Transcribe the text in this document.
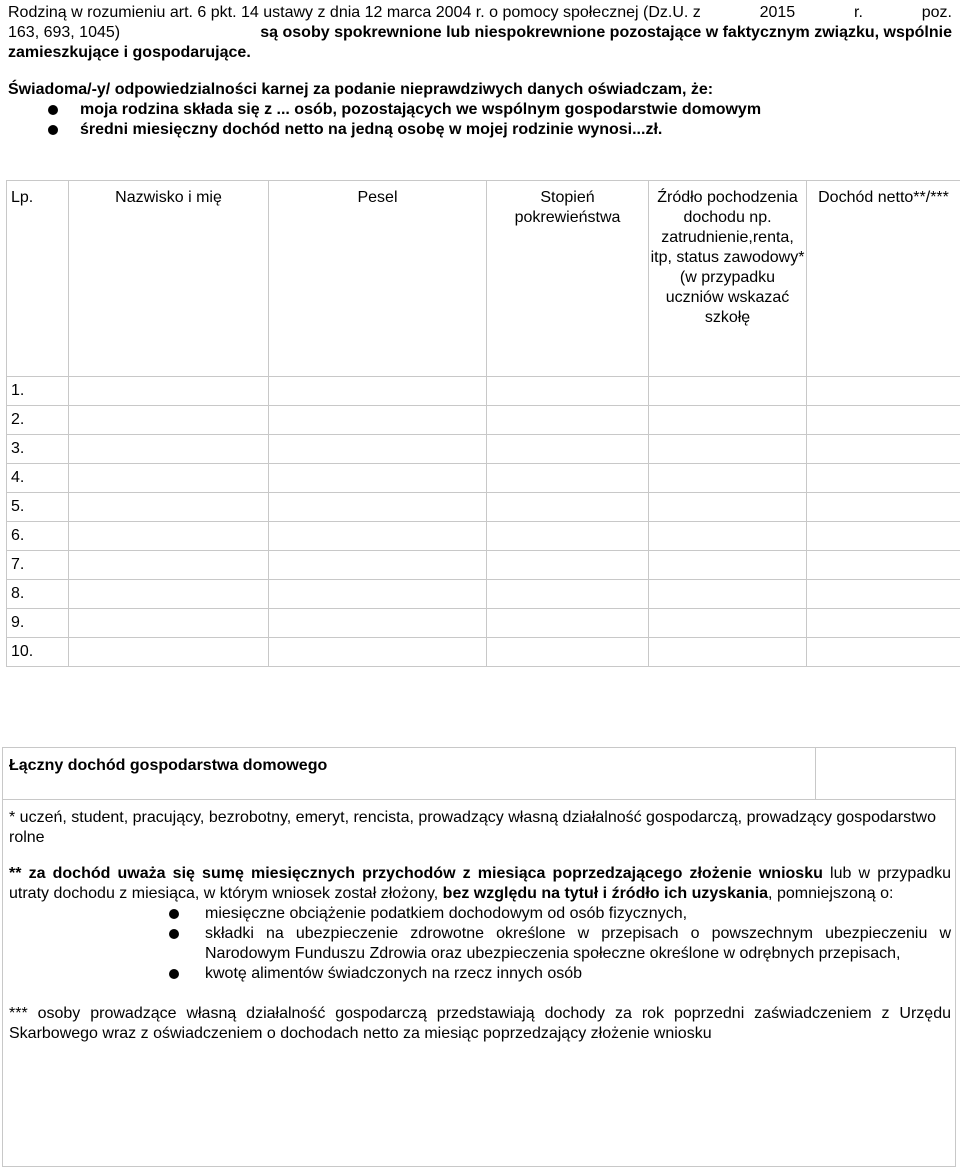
Rodziną w rozumieniu art. 6 pkt. 14 ustawy z dnia 12 marca 2004 r. o pomocy społecznej (Dz.U. z	2015	r.	poz.
163, 693, 1045)	są osoby spokrewnione lub niespokrewnione pozostające w faktycznym związku, wspólnie
zamieszkujące i gospodarujące.
Świadoma/-y/ odpowiedzialności karnej za podanie nieprawdziwych danych oświadczam, że:
moja rodzina składa się z ... osób, pozostających we wspólnym gospodarstwie domowym
średni miesięczny dochód netto na jedną osobę w mojej rodzinie wynosi...zł.
Lp.	Nazwisko i mię	Pesel	Stopień pokrewieństwa	Źródło pochodzenia dochodu np. zatrudnienie,renta, itp, status zawodowy* (w przypadku uczniów wskazać szkołę	Dochód netto**/***
1.					
2.					
3.					
4.					
5.					
6.					
7.					
8.					
9.					
10.					
Łączny dochód gospodarstwa domowego

* uczeń, student, pracujący, bezrobotny, emeryt, rencista, prowadzący własną działalność gospodarczą, prowadzący gospodarstwo rolne

** za dochód uważa się sumę miesięcznych przychodów z miesiąca poprzedzającego złożenie wniosku lub w przypadku utraty dochodu z miesiąca, w którym wniosek został złożony, bez względu na tytuł i źródło ich uzyskania, pomniejszoną o:

miesięczne obciążenie podatkiem dochodowym od osób fizycznych,
składki na ubezpieczenie zdrowotne określone w przepisach o powszechnym ubezpieczeniu w Narodowym Funduszu Zdrowia oraz ubezpieczenia społeczne określone w odrębnych przepisach,
kwotę alimentów świadczonych na rzecz innych osób

*** osoby prowadzące własną działalność gospodarczą przedstawiają dochody za rok poprzedni zaświadczeniem z Urzędu Skarbowego wraz z oświadczeniem o dochodach netto za miesiąc poprzedzający złożenie wniosku
